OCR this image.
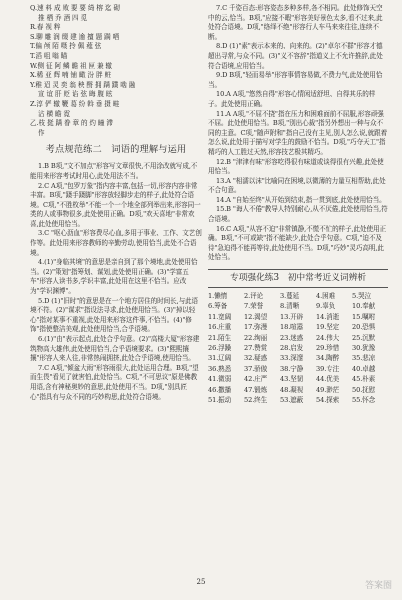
Q.速 料 成 败 要 要 绮 榕 迄 砌

推 栖 乔 酒 四 觅

R.春 视 粹

S.聊 雕 润 缀 建 逾 擅 题 蹒 哂

T.偏 颅 陌 嗫 拎 佩 薤 弦

T.滔 咀 嗡 瞄

W.侧 征 阿 鳞 瞻 祖 匣 兼 辙

X.稀 亚 辉 喃 铺 瞰 汾 胖 赃

Y.稚 迢 灵 奕 翁 秧 酹 拥 蹒 蹼 啮 融

宣 谊 肝 贬 谄 弦 晦 腹 眩

Z.淳 俨 辙 鞭 葛 纷 斡 垂 摄 畦

沾 横 瞻 霓

乙.枝 挺 蹒 眷 章 的 灼 瞳 滞

作

考点规范练二　词语的理解与运用

1.B B项,"文不加点"形容写文章很快,不用涂改就写成,不能用来形容考试时用心,此处用法不当。

2.C A项,"包罗万象"指内容丰富,包括一切,形容内容非常丰富。B项,"蹑手蹑脚"形容放轻脚步走的样子,此处符合语境。C项,"不胜枚举"不能一个一个地全部列举出来,形容同一类的人或事物很多,此处使用正确。D项,"欢天喜地"非常欢喜,此处使用恰当。

3.C "呕心沥血"形容费尽心血,多用于事业、工作、文艺创作等。此处用来形容教师的辛勤劳动,使用恰当,此处不合语境。

4.(1)"身临其境"的意思是亲自到了那个境地,此处使用恰当。(2)"策划"指筹划、谋划,此处使用正确。(3)"学富五车"形容人读书多,学识丰富,此处用在这里不恰当。应改为"学识渊博"。

5.D (1)"旧时"的意思是在一个地方居住的时间长,与此语境不符。(2)"谋求"指设法寻求,此处使用恰当。(3)"掉以轻心"指对某事不重视,此处用来形容这件事,不恰当。(4)"修饰"指使整洁美观,此处使用恰当,合乎语境。

6.(1)"由"表示起点,此处合乎句意。(2)"高楼大厦"形容建筑物高大雄伟,此处使用恰当,合乎语境要求。(3)"熙熙攘攘"形容人来人往,非常热闹拥挤,此处合乎语境,使用恰当。

7.C A项,"倾盆大雨"形容雨很大,此处运用合理。B项,"望而生畏"看见了就害怕,此处恰当。C项,"不可思议"原是佛教用语,含有神秘奥妙的意思,此处使用不当。D项,"别具匠心"指具有与众不同的巧妙构思,此处符合语境。

7.C 千姿百态:形容姿态多种多样,各不相同。此处修饰天空中的云,恰当。B项,"应接不暇"形容美好景色太多,看不过来,此处符合语境。D项,"络绎不绝"形容行人车马来来往往,连续不断。

8.D (1)"素"表示本来的、向来的。(2)"卓尔不群"形容才德超出寻常,与众不同。(3)"义不容辞"指道义上不允许推辞,此处符合语境,应用恰当。

9.D B项,"轻而易举"形容事情容易做,不费力气,此处使用恰当。

10.A A项,"悠然自得"形容心情闲适舒坦、自得其乐的样子。此处使用正确。

11.A A项,"不屈不挠"指在压力和困难面前不屈服,形容顽强不屈。此处使用恰当。B项,"别出心裁"指另外想出一种与众不同的主意。C项,"随声附和"指自己没有主见,别人怎么说,就跟着怎么说,此处用于描写对学生的鼓励不恰当。D项,"巧夺天工"指精巧的人工胜过天然,形容技艺极其精巧。

12.B "津津有味"形容吃得很有味道或谈得很有兴趣,此处使用恰当。

13.A "相濡以沫"比喻同在困境,以微薄的力量互相帮助,此处不合句意。

14.A "自始至终"从开始到结束,指一贯到底,此处使用恰当。

15.B "诲人不倦"教导人特别耐心,从不厌倦,此处使用恰当,符合语境。

16.C A项,"从容不迫"非常镇静,不慌不忙的样子,此处使用正确。B项,"不可或缺"指不能缺少,此处合乎句意。C项,"迫不及待"急迫得不能再等待,此处使用不当。D项,"巧妙"灵巧高明,此处恰当。

专项强化练3　初中常考近义词辨析
1.懒惰	2.评论	3.蔓延	4.困难	5.哭泣
6.筹备	7.荣誉	8.清晰	9.辜负	10.奉献
11.宽阔	12.渴望	13.开辟	14.消逝	15.嘱咐
16.庄重	17.弥漫	18.喧嚣	19.坚定	20.恐惧
21.陌生	22.绚丽	23.迷惑	24.伟大	25.沉默
26.浮躁	27.赞赏	28.启发	29.珍惜	30.犹豫
31.辽阔	32.疑惑	33.深邃	34.陶醉	35.悲凉
36.熟悉	37.骄傲	38.宁静	39.专注	40.卓越
41.微弱	42.庄严	43.坚韧	44.优美	45.朴素
46.撒播	47.锻炼	48.凝视	49.渺茫	50.抚慰
51.振动	52.终生	53.遮蔽	54.探索	55.怀念
25	答案圈
